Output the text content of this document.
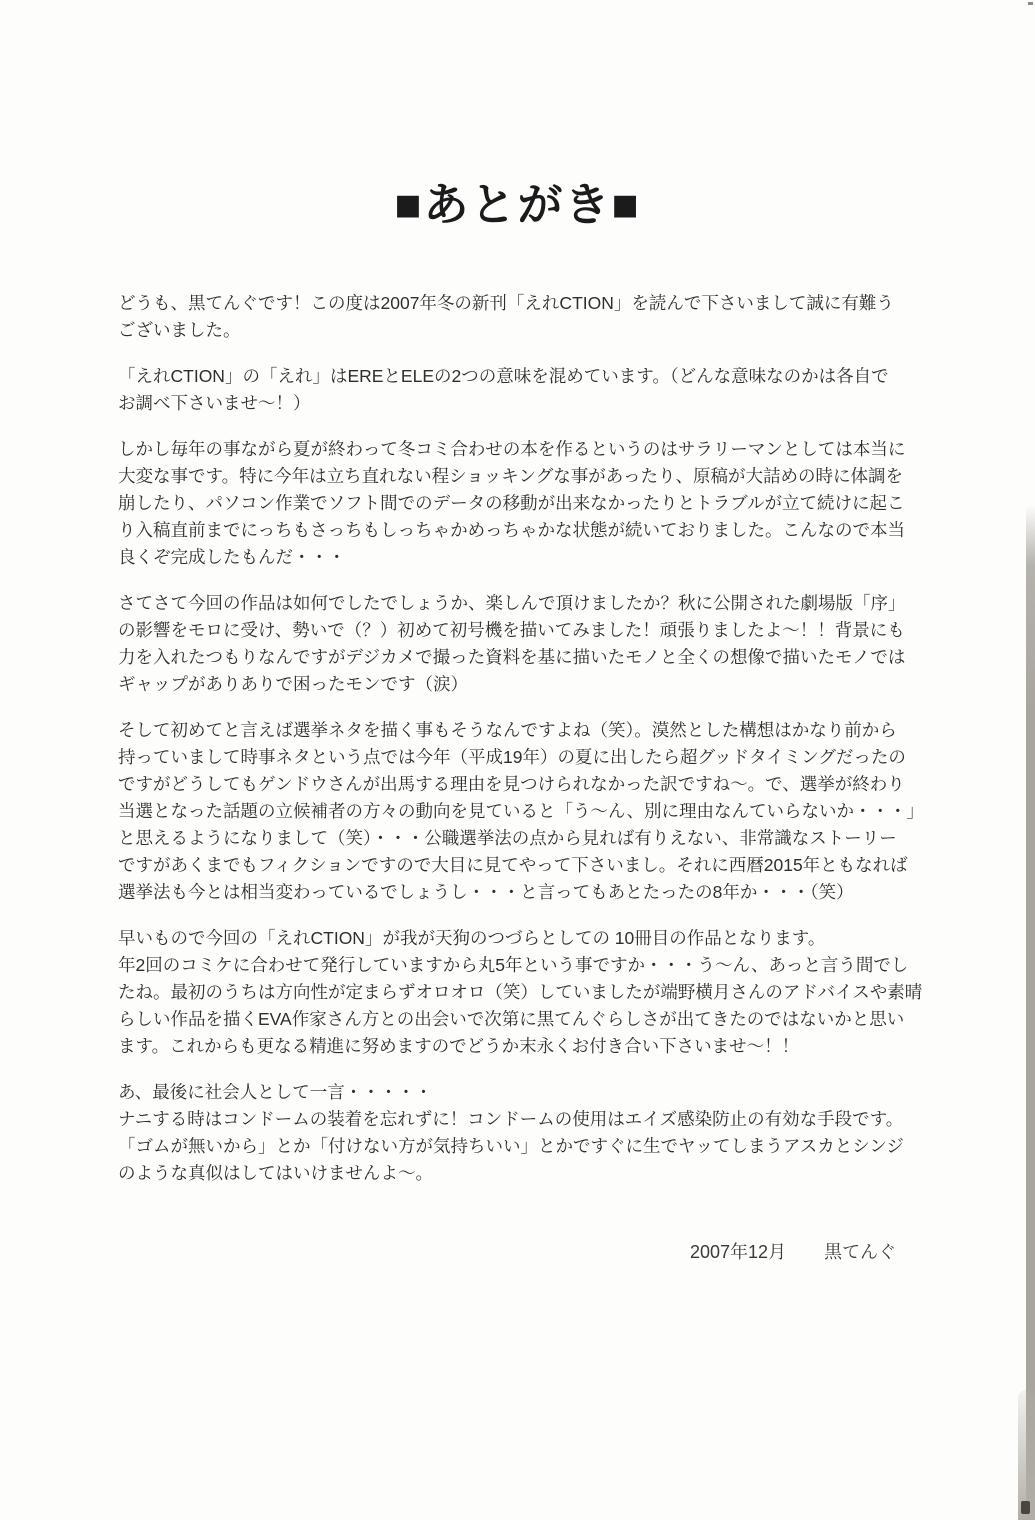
■あとがき■
どうも、黒てんぐです！この度は2007年冬の新刊「えれCTION」を読んで下さいまして誠に有難う
ございました。
「えれCTION」の「えれ」はEREとELEの2つの意味を混めています。（どんな意味なのかは各自で
お調べ下さいませ～！）
しかし毎年の事ながら夏が終わって冬コミ合わせの本を作るというのはサラリーマンとしては本当に
大変な事です。特に今年は立ち直れない程ショッキングな事があったり、原稿が大詰めの時に体調を
崩したり、パソコン作業でソフト間でのデータの移動が出来なかったりとトラブルが立て続けに起こ
り入稿直前までにっちもさっちもしっちゃかめっちゃかな状態が続いておりました。こんなので本当
良くぞ完成したもんだ・・・
さてさて今回の作品は如何でしたでしょうか、楽しんで頂けましたか？秋に公開された劇場版「序」
の影響をモロに受け、勢いで（？）初めて初号機を描いてみました！頑張りましたよ～！！背景にも
力を入れたつもりなんですがデジカメで撮った資料を基に描いたモノと全くの想像で描いたモノでは
ギャップがありありで困ったモンです（涙）
そして初めてと言えば選挙ネタを描く事もそうなんですよね（笑）。漠然とした構想はかなり前から
持っていまして時事ネタという点では今年（平成19年）の夏に出したら超グッドタイミングだったの
ですがどうしてもゲンドウさんが出馬する理由を見つけられなかった訳ですね～。で、選挙が終わり
当選となった話題の立候補者の方々の動向を見ていると「う～ん、別に理由なんていらないか・・・」
と思えるようになりまして（笑）・・・公職選挙法の点から見れば有りえない、非常識なストーリー
ですがあくまでもフィクションですので大目に見てやって下さいまし。それに西暦2015年ともなれば
選挙法も今とは相当変わっているでしょうし・・・と言ってもあとたったの8年か・・・（笑）
早いもので今回の「えれCTION」が我が天狗のつづらとしての 10冊目の作品となります。
年2回のコミケに合わせて発行していますから丸5年という事ですか・・・う～ん、あっと言う間でし
たね。最初のうちは方向性が定まらずオロオロ（笑）していましたが端野横月さんのアドバイスや素晴
らしい作品を描くEVA作家さん方との出会いで次第に黒てんぐらしさが出てきたのではないかと思い
ます。これからも更なる精進に努めますのでどうか末永くお付き合い下さいませ～！！
あ、最後に社会人として一言・・・・・
ナニする時はコンドームの装着を忘れずに！コンドームの使用はエイズ感染防止の有効な手段です。
「ゴムが無いから」とか「付けない方が気持ちいい」とかですぐに生でヤッてしまうアスカとシンジ
のような真似はしてはいけませんよ～。
2007年12月 黒てんぐ
